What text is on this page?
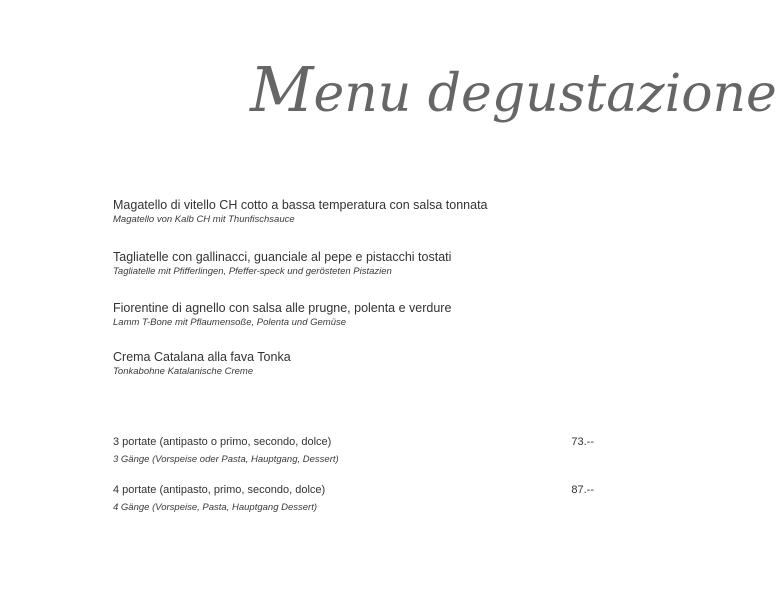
Menu degustazione
Magatello di vitello CH cotto a bassa temperatura con salsa tonnata
Magatello von Kalb CH mit Thunfischsauce
Tagliatelle con gallinacci, guanciale al pepe e pistacchi tostati
Tagliatelle mit Pfifferlingen, Pfeffer-speck und gerösteten Pistazien
Fiorentine di agnello con salsa alle prugne, polenta e verdure
Lamm T-Bone mit Pflaumensoße, Polenta und Gemüse
Crema Catalana alla fava Tonka
Tonkabohne Katalanische Creme
3 portate (antipasto o primo, secondo, dolce)	73.--
3 Gänge (Vorspeise oder Pasta, Hauptgang, Dessert)
4 portate (antipasto, primo, secondo, dolce)	87.--
4 Gänge (Vorspeise, Pasta, Hauptgang Dessert)
